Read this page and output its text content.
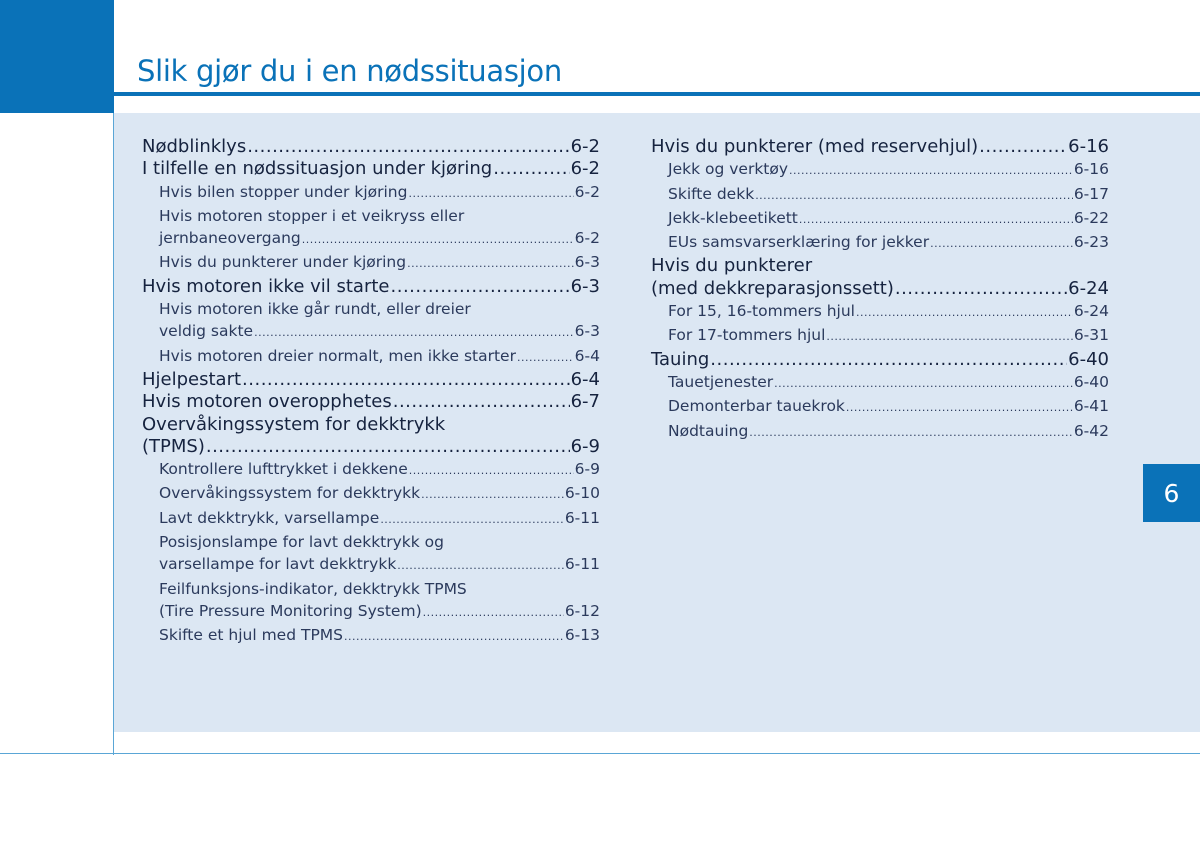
Slik gjør du i en nødssituasjon
Nødblinklys .....	6-2
I tilfelle en nødssituasjon under kjøring .....	6-2
Hvis bilen stopper under kjøring .....	6-2
Hvis motoren stopper i et veikryss eller
jernbaneovergang .....	6-2
Hvis du punkterer under kjøring .....	6-3
Hvis motoren ikke vil starte .....	6-3
Hvis motoren ikke går rundt, eller dreier
veldig sakte .....	6-3
Hvis motoren dreier normalt, men ikke starter .....	6-4
Hjelpestart .....	6-4
Hvis motoren overopphetes .....	6-7
Overvåkingssystem for dekktrykk
(TPMS) .....	6-9
Kontrollere lufttrykket i dekkene .....	6-9
Overvåkingssystem for dekktrykk .....	6-10
Lavt dekktrykk, varsellampe .....	6-11
Posisjonslampe for lavt dekktrykk og
varsellampe for lavt dekktrykk .....	6-11
Feilfunksjons-indikator, dekktrykk TPMS
(Tire Pressure Monitoring System) .....	6-12
Skifte et hjul med TPMS .....	6-13
Hvis du punkterer (med reservehjul) .....	6-16
Jekk og verktøy .....	6-16
Skifte dekk .....	6-17
Jekk-klebeetikett .....	6-22
EUs samsvarserklæring for jekker .....	6-23
Hvis du punkterer
(med dekkreparasjonssett) .....	6-24
For 15, 16-tommers hjul .....	6-24
For 17-tommers hjul .....	6-31
Tauing .....	6-40
Tauetjenester .....	6-40
Demonterbar tauekrok .....	6-41
Nødtauing .....	6-42
6
